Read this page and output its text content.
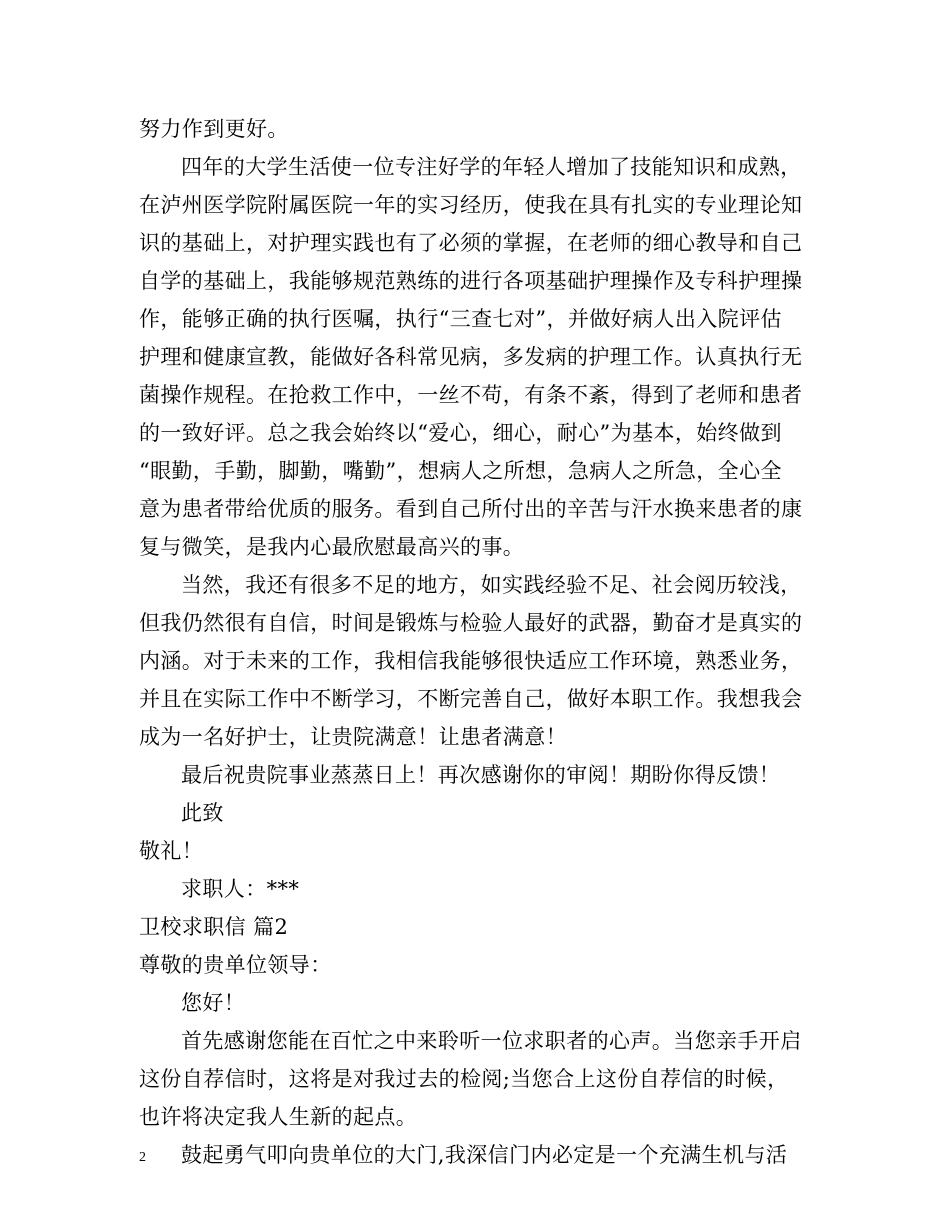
努力作到更好。
四年的大学生活使一位专注好学的年轻人增加了技能知识和成熟，
在泸州医学院附属医院一年的实习经历，使我在具有扎实的专业理论知
识的基础上，对护理实践也有了必须的掌握，在老师的细心教导和自己
自学的基础上，我能够规范熟练的进行各项基础护理操作及专科护理操
作，能够正确的执行医嘱，执行“三查七对”，并做好病人出入院评估
护理和健康宣教，能做好各科常见病，多发病的护理工作。认真执行无
菌操作规程。在抢救工作中，一丝不苟，有条不紊，得到了老师和患者
的一致好评。总之我会始终以“爱心，细心，耐心”为基本，始终做到
“眼勤，手勤，脚勤，嘴勤”，想病人之所想，急病人之所急，全心全
意为患者带给优质的服务。看到自己所付出的辛苦与汗水换来患者的康
复与微笑，是我内心最欣慰最高兴的事。
当然，我还有很多不足的地方，如实践经验不足、社会阅历较浅，
但我仍然很有自信，时间是锻炼与检验人最好的武器，勤奋才是真实的
内涵。对于未来的工作，我相信我能够很快适应工作环境，熟悉业务，
并且在实际工作中不断学习，不断完善自己，做好本职工作。我想我会
成为一名好护士，让贵院满意！让患者满意！
最后祝贵院事业蒸蒸日上！再次感谢你的审阅！期盼你得反馈！
此致
敬礼！
求职人：***
卫校求职信 篇2
尊敬的贵单位领导：
您好！
首先感谢您能在百忙之中来聆听一位求职者的心声。当您亲手开启
这份自荐信时，这将是对我过去的检阅;当您合上这份自荐信的时候，
也许将决定我人生新的起点。
鼓起勇气叩向贵单位的大门,我深信门内必定是一个充满生机与活
2
